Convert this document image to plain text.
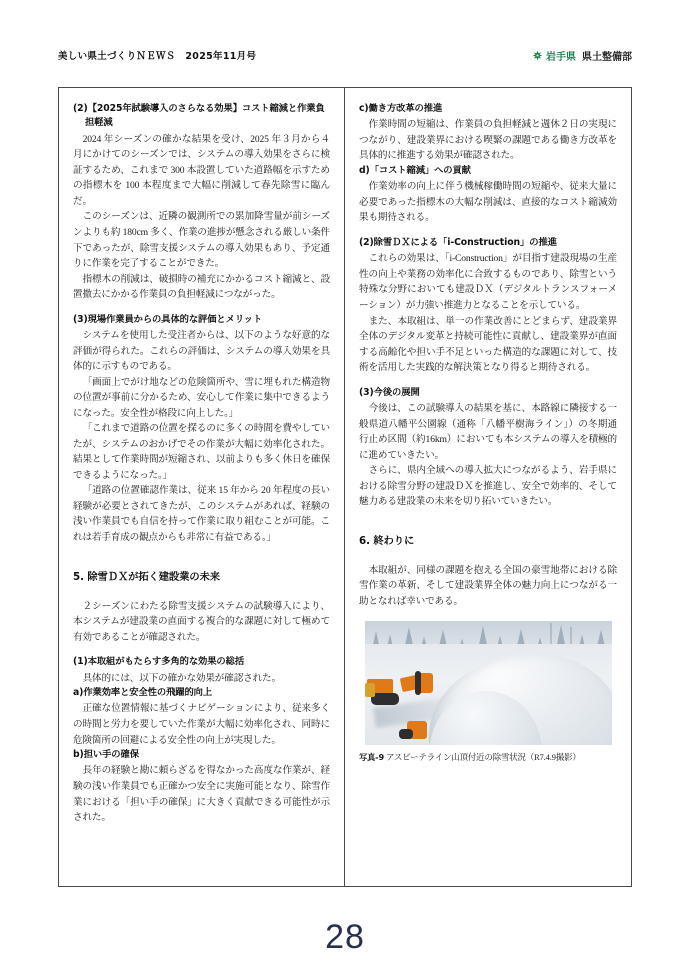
美しい県土づくりＮＥＷＳ　2025年11月号	岩手県 県土整備部
(2)【2025年試験導入のさらなる効果】コスト縮減と作業負担軽減

2024 年シーズンの確かな結果を受け、2025 年３月から４月にかけてのシーズンでは、システムの導入効果をさらに検証するため、これまで 300 本設置していた道路幅を示すための指標木を 100 本程度まで大幅に削減して春先除雪に臨んだ。

このシーズンは、近隣の観測所での累加降雪量が前シーズンよりも約 180cm 多く、作業の進捗が懸念される厳しい条件下であったが、除雪支援システムの導入効果もあり、予定通りに作業を完了することができた。

指標木の削減は、破損時の補充にかかるコスト縮減と、設置撤去にかかる作業員の負担軽減につながった。

(3)現場作業員からの具体的な評価とメリット

システムを使用した受注者からは、以下のような好意的な評価が得られた。これらの評価は、システムの導入効果を具体的に示すものである。

「画面上でがけ地などの危険箇所や、雪に埋もれた構造物の位置が事前に分かるため、安心して作業に集中できるようになった。安全性が格段に向上した。」

「これまで道路の位置を探るのに多くの時間を費やしていたが、システムのおかげでその作業が大幅に効率化された。結果として作業時間が短縮され、以前よりも多く休日を確保できるようになった。」

「道路の位置確認作業は、従来 15 年から 20 年程度の長い経験が必要とされてきたが、このシステムがあれば、経験の浅い作業員でも自信を持って作業に取り組むことが可能。これは若手育成の観点からも非常に有益である。」

5. 除雪ＤＸが拓く建設業の未来

２シーズンにわたる除雪支援システムの試験導入により、本システムが建設業の直面する複合的な課題に対して極めて有効であることが確認された。

(1)本取組がもたらす多角的な効果の総括

具体的には、以下の確かな効果が確認された。

a)作業効率と安全性の飛躍的向上

正確な位置情報に基づくナビゲーションにより、従来多くの時間と労力を要していた作業が大幅に効率化され、同時に危険箇所の回避による安全性の向上が実現した。

b)担い手の確保

長年の経験と勘に頼らざるを得なかった高度な作業が、経験の浅い作業員でも正確かつ安全に実施可能となり、除雪作業における「担い手の確保」に大きく貢献できる可能性が示された。

c)働き方改革の推進

作業時間の短縮は、作業員の負担軽減と週休２日の実現につながり、建設業界における喫緊の課題である働き方改革を具体的に推進する効果が確認された。

d)「コスト縮減」への貢献

作業効率の向上に伴う機械稼働時間の短縮や、従来大量に必要であった指標木の大幅な削減は、直接的なコスト縮減効果も期待される。

(2)除雪ＤＸによる「i-Construction」の推進

これらの効果は、「i-Construction」が目指す建設現場の生産性の向上や業務の効率化に合致するものであり、除雪という特殊な分野においても建設ＤＸ（デジタルトランスフォーメーション）が力強い推進力となることを示している。

また、本取組は、単一の作業改善にとどまらず、建設業界全体のデジタル変革と持続可能性に貢献し、建設業界が直面する高齢化や担い手不足といった構造的な課題に対して、技術を活用した実践的な解決策となり得ると期待される。

(3)今後の展開

今後は、この試験導入の結果を基に、本路線に隣接する一般県道八幡平公園線（通称「八幡平樹海ライン」）の冬期通行止め区間（約16km）においても本システムの導入を積極的に進めていきたい。

さらに、県内全域への導入拡大につながるよう、岩手県における除雪分野の建設ＤＸを推進し、安全で効率的、そして魅力ある建設業の未来を切り拓いていきたい。

6. 終わりに

本取組が、同様の課題を抱える全国の豪雪地帯における除雪作業の革新、そして建設業界全体の魅力向上につながる一助となれば幸いである。

写真-9 アスピーテライン山頂付近の除雪状況（R7.4.9撮影）
28
